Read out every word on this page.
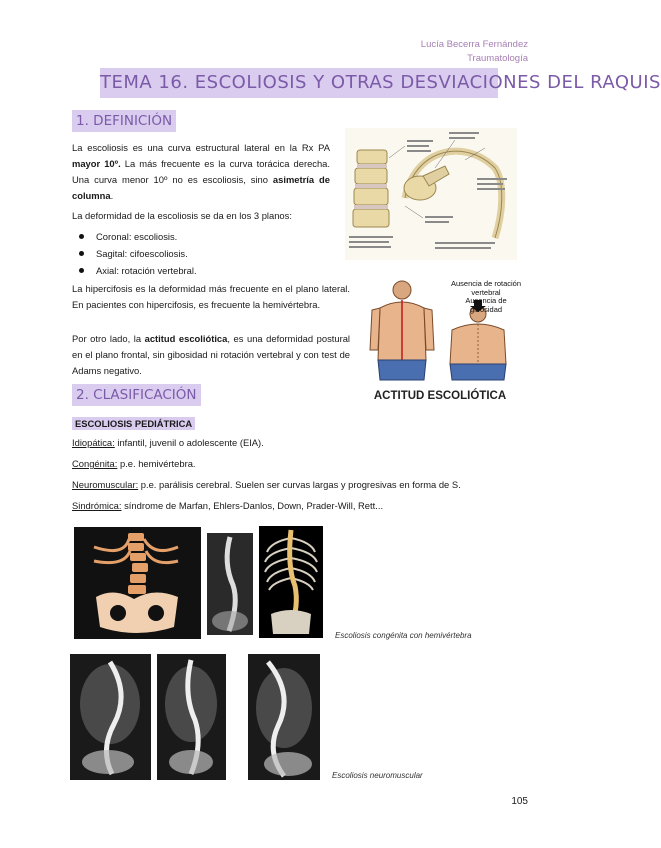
Lucía Becerra Fernández
Traumatología
TEMA 16. ESCOLIOSIS Y OTRAS DESVIACIONES DEL RAQUIS
1. DEFINICIÓN

La escoliosis es una curva estructural lateral en la Rx PA mayor 10º. La más frecuente es la curva torácica derecha. Una curva menor 10º no es escoliosis, sino asimetría de columna.

La deformidad de la escoliosis se da en los 3 planos:

Coronal: escoliosis.
Sagital: cifoescoliosis.
Axial: rotación vertebral.

La hipercifosis es la deformidad más frecuente en el plano lateral. En pacientes con hipercifosis, es frecuente la hemivértebra.

Por otro lado, la actitud escoliótica, es una deformidad postural en el plano frontal, sin gibosidad ni rotación vertebral y con test de Adams negativo.

Ausencia de rotación vertebral
Ausencia de gibosidad
ACTITUD ESCOLIÓTICA
2. CLASIFICACIÓN
ESCOLIOSIS PEDIÁTRICA
Idiopática: infantil, juvenil o adolescente (EIA).
Congénita: p.e. hemivértebra.
Neuromuscular: p.e. parálisis cerebral. Suelen ser curvas largas y progresivas en forma de S.
Sindrómica: síndrome de Marfan, Ehlers-Danlos, Down, Prader-Will, Rett...
Escoliosis congénita con hemivértebra
Escoliosis neuromuscular
105
